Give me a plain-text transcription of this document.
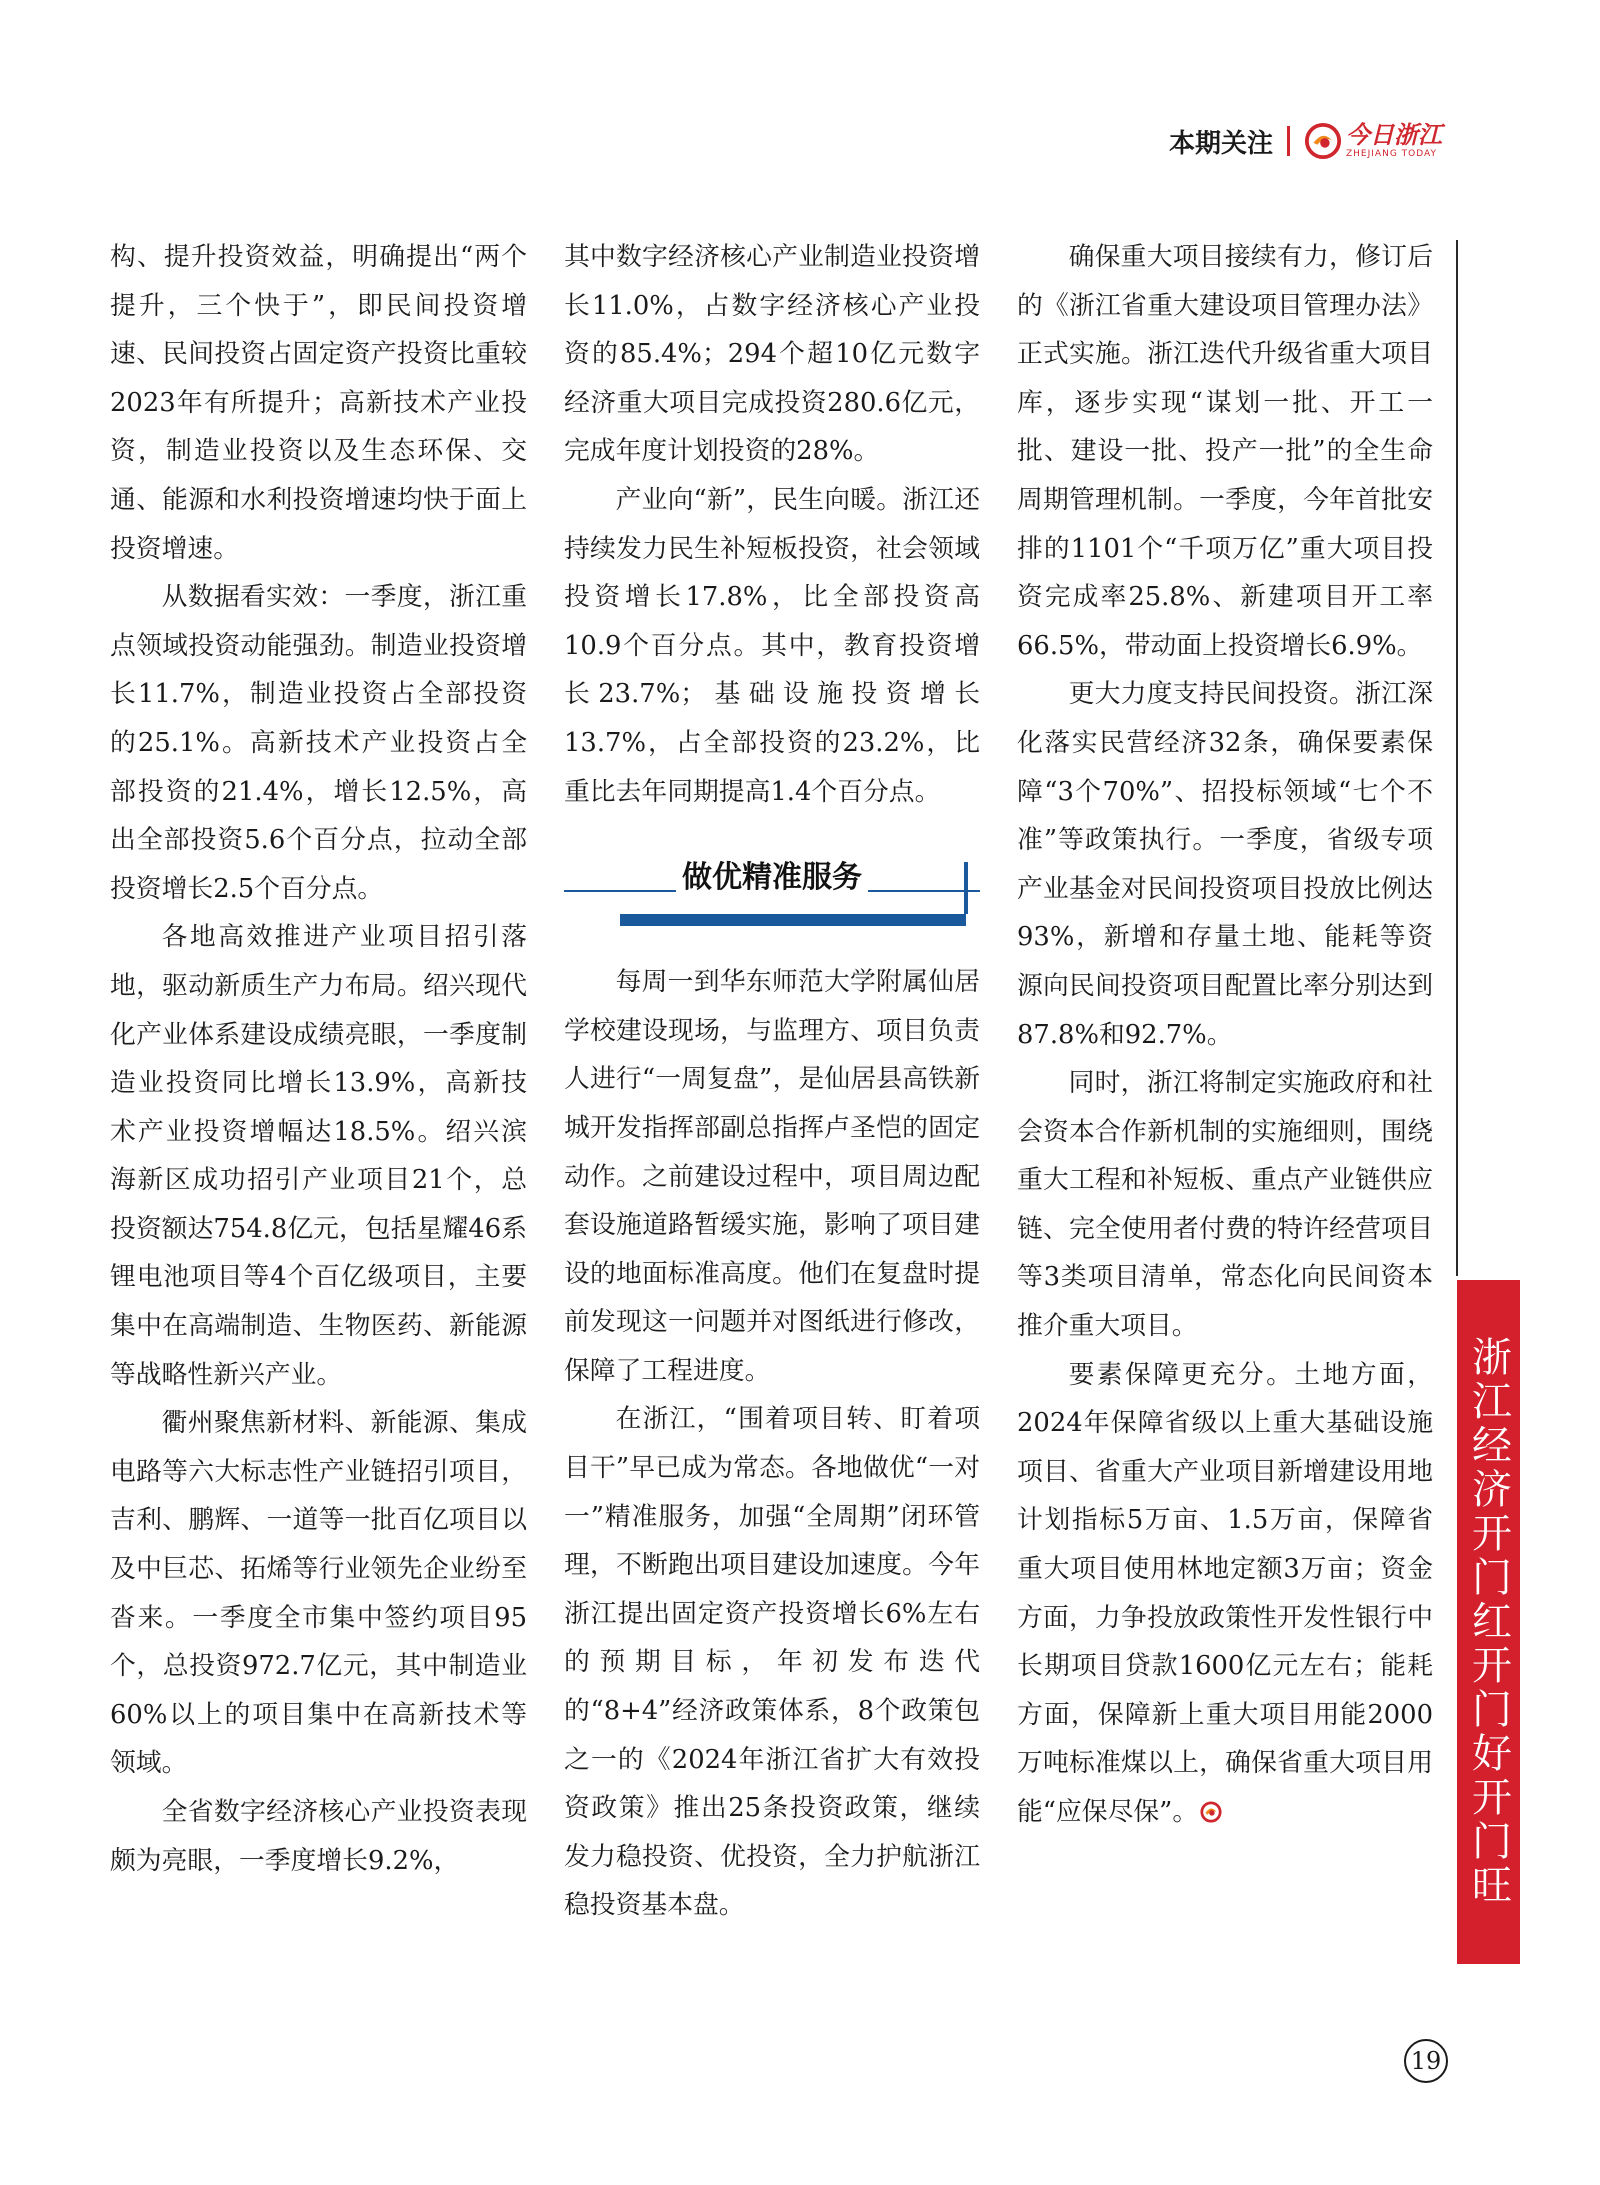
本期关注	今日浙江
ZHEJIANG TODAY

构、提升投资效益，明确提出“两个提升，三个快于”，即民间投资增速、民间投资占固定资产投资比重较2023年有所提升；高新技术产业投资，制造业投资以及生态环保、交通、能源和水利投资增速均快于面上投资增速。

从数据看实效：一季度，浙江重点领域投资动能强劲。制造业投资增长11.7%，制造业投资占全部投资的25.1%。高新技术产业投资占全部投资的21.4%，增长12.5%，高出全部投资5.6个百分点，拉动全部投资增长2.5个百分点。

各地高效推进产业项目招引落地，驱动新质生产力布局。绍兴现代化产业体系建设成绩亮眼，一季度制造业投资同比增长13.9%，高新技术产业投资增幅达18.5%。绍兴滨海新区成功招引产业项目21个，总投资额达754.8亿元，包括星耀46系锂电池项目等4个百亿级项目，主要集中在高端制造、生物医药、新能源等战略性新兴产业。

衢州聚焦新材料、新能源、集成电路等六大标志性产业链招引项目，吉利、鹏辉、一道等一批百亿项目以及中巨芯、拓烯等行业领先企业纷至沓来。一季度全市集中签约项目95个，总投资972.7亿元，其中制造业60%以上的项目集中在高新技术等领域。

全省数字经济核心产业投资表现颇为亮眼，一季度增长9.2%，

其中数字经济核心产业制造业投资增长11.0%，占数字经济核心产业投资的85.4%；294个超10亿元数字经济重大项目完成投资280.6亿元，完成年度计划投资的28%。

产业向“新”，民生向暖。浙江还持续发力民生补短板投资，社会领域投资增长17.8%，比全部投资高10.9个百分点。其中，教育投资增长23.7%；基础设施投资增长13.7%，占全部投资的23.2%，比重比去年同期提高1.4个百分点。

做优精准服务

每周一到华东师范大学附属仙居学校建设现场，与监理方、项目负责人进行“一周复盘”，是仙居县高铁新城开发指挥部副总指挥卢圣恺的固定动作。之前建设过程中，项目周边配套设施道路暂缓实施，影响了项目建设的地面标准高度。他们在复盘时提前发现这一问题并对图纸进行修改，保障了工程进度。

在浙江，“围着项目转、盯着项目干”早已成为常态。各地做优“一对一”精准服务，加强“全周期”闭环管理，不断跑出项目建设加速度。今年浙江提出固定资产投资增长6%左右的预期目标，年初发布迭代的“8+4”经济政策体系，8个政策包之一的《2024年浙江省扩大有效投资政策》推出25条投资政策，继续发力稳投资、优投资，全力护航浙江稳投资基本盘。

确保重大项目接续有力，修订后的《浙江省重大建设项目管理办法》正式实施。浙江迭代升级省重大项目库，逐步实现“谋划一批、开工一批、建设一批、投产一批”的全生命周期管理机制。一季度，今年首批安排的1101个“千项万亿”重大项目投资完成率25.8%、新建项目开工率66.5%，带动面上投资增长6.9%。

更大力度支持民间投资。浙江深化落实民营经济32条，确保要素保障“3个70%”、招投标领域“七个不准”等政策执行。一季度，省级专项产业基金对民间投资项目投放比例达93%，新增和存量土地、能耗等资源向民间投资项目配置比率分别达到87.8%和92.7%。

同时，浙江将制定实施政府和社会资本合作新机制的实施细则，围绕重大工程和补短板、重点产业链供应链、完全使用者付费的特许经营项目等3类项目清单，常态化向民间资本推介重大项目。

要素保障更充分。土地方面，2024年保障省级以上重大基础设施项目、省重大产业项目新增建设用地计划指标5万亩、1.5万亩，保障省重大项目使用林地定额3万亩；资金方面，力争投放政策性开发性银行中长期项目贷款1600亿元左右；能耗方面，保障新上重大项目用能2000万吨标准煤以上，确保省重大项目用能“应保尽保”。	浙江经济开门红开门好开门旺
19
